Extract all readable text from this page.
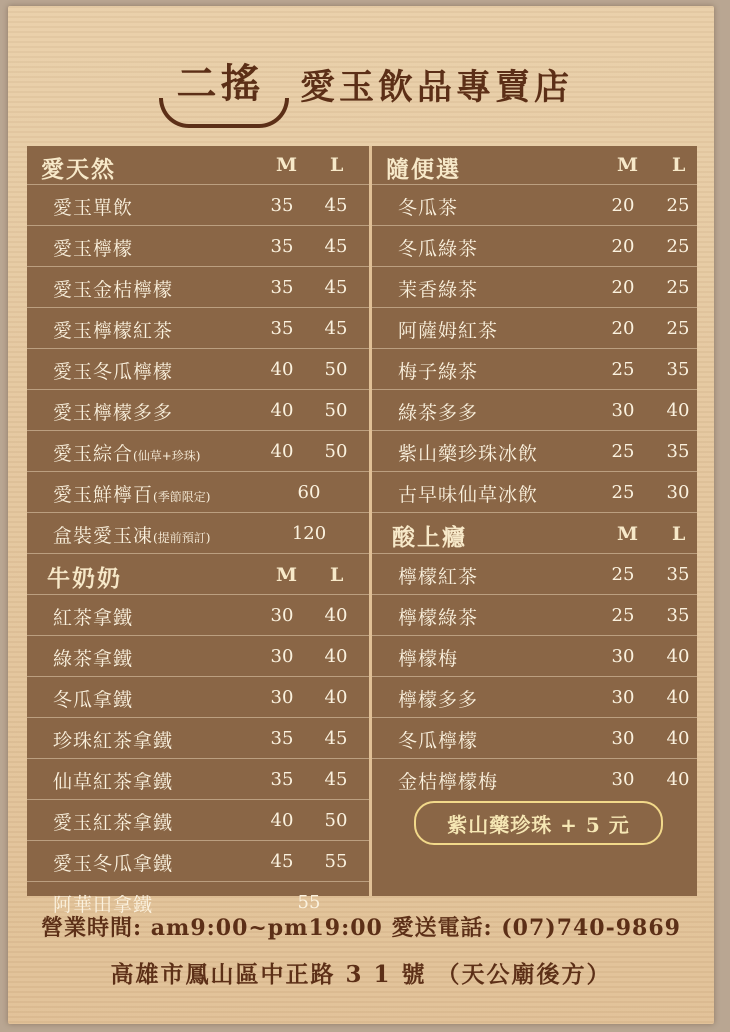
二搖	愛玉飲品專賣店
愛天然	M L
愛玉單飲	35	45
愛玉檸檬	35	45
愛玉金桔檸檬	35	45
愛玉檸檬紅茶	35	45
愛玉冬瓜檸檬	40	50
愛玉檸檬多多	40	50
愛玉綜合(仙草+珍珠)	40	50
愛玉鮮檸百(季節限定)	60
盒裝愛玉凍(提前預訂)	120
牛奶奶	M L
紅茶拿鐵	30	40
綠茶拿鐵	30	40
冬瓜拿鐵	30	40
珍珠紅茶拿鐵	35	45
仙草紅茶拿鐵	35	45
愛玉紅茶拿鐵	40	50
愛玉冬瓜拿鐵	45	55
阿華田拿鐵	55
隨便選	M L
冬瓜茶	20	25
冬瓜綠茶	20	25
茉香綠茶	20	25
阿薩姆紅茶	20	25
梅子綠茶	25	35
綠茶多多	30	40
紫山藥珍珠冰飲	25	35
古早味仙草冰飲	25	30
酸上癮	M L
檸檬紅茶	25	35
檸檬綠茶	25	35
檸檬梅	30	40
檸檬多多	30	40
冬瓜檸檬	30	40
金桔檸檬梅	30	40
紫山藥珍珠 + 5 元
營業時間: am9:00~pm19:00 愛送電話: (07)740-9869
高雄市鳳山區中正路 3 1 號 （天公廟後方）
